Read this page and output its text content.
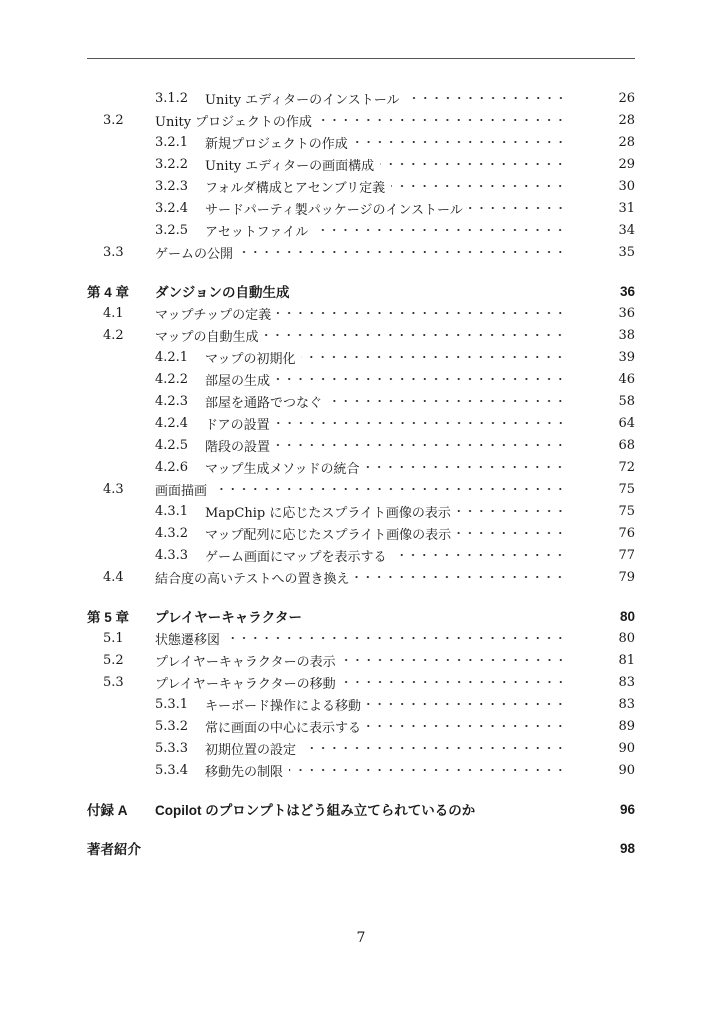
3.1.2	Unity エディターのインストール	26
3.2	Unity プロジェクトの作成	28
3.2.1	新規プロジェクトの作成	28
3.2.2	Unity エディターの画面構成	29
3.2.3	フォルダ構成とアセンブリ定義	30
3.2.4	サードパーティ製パッケージのインストール	31
3.2.5	アセットファイル	34
3.3	ゲームの公開	35
第 4 章	ダンジョンの自動生成	36
4.1	マップチップの定義	36
4.2	マップの自動生成	38
4.2.1	マップの初期化	39
4.2.2	部屋の生成	46
4.2.3	部屋を通路でつなぐ	58
4.2.4	ドアの設置	64
4.2.5	階段の設置	68
4.2.6	マップ生成メソッドの統合	72
4.3	画面描画	75
4.3.1	MapChip に応じたスプライト画像の表示	75
4.3.2	マップ配列に応じたスプライト画像の表示	76
4.3.3	ゲーム画面にマップを表示する	77
4.4	結合度の高いテストへの置き換え	79
第 5 章	プレイヤーキャラクター	80
5.1	状態遷移図	80
5.2	プレイヤーキャラクターの表示	81
5.3	プレイヤーキャラクターの移動	83
5.3.1	キーボード操作による移動	83
5.3.2	常に画面の中心に表示する	89
5.3.3	初期位置の設定	90
5.3.4	移動先の制限	90
付録 A	Copilot のプロンプトはどう組み立てられているのか	96
著者紹介	98
7
